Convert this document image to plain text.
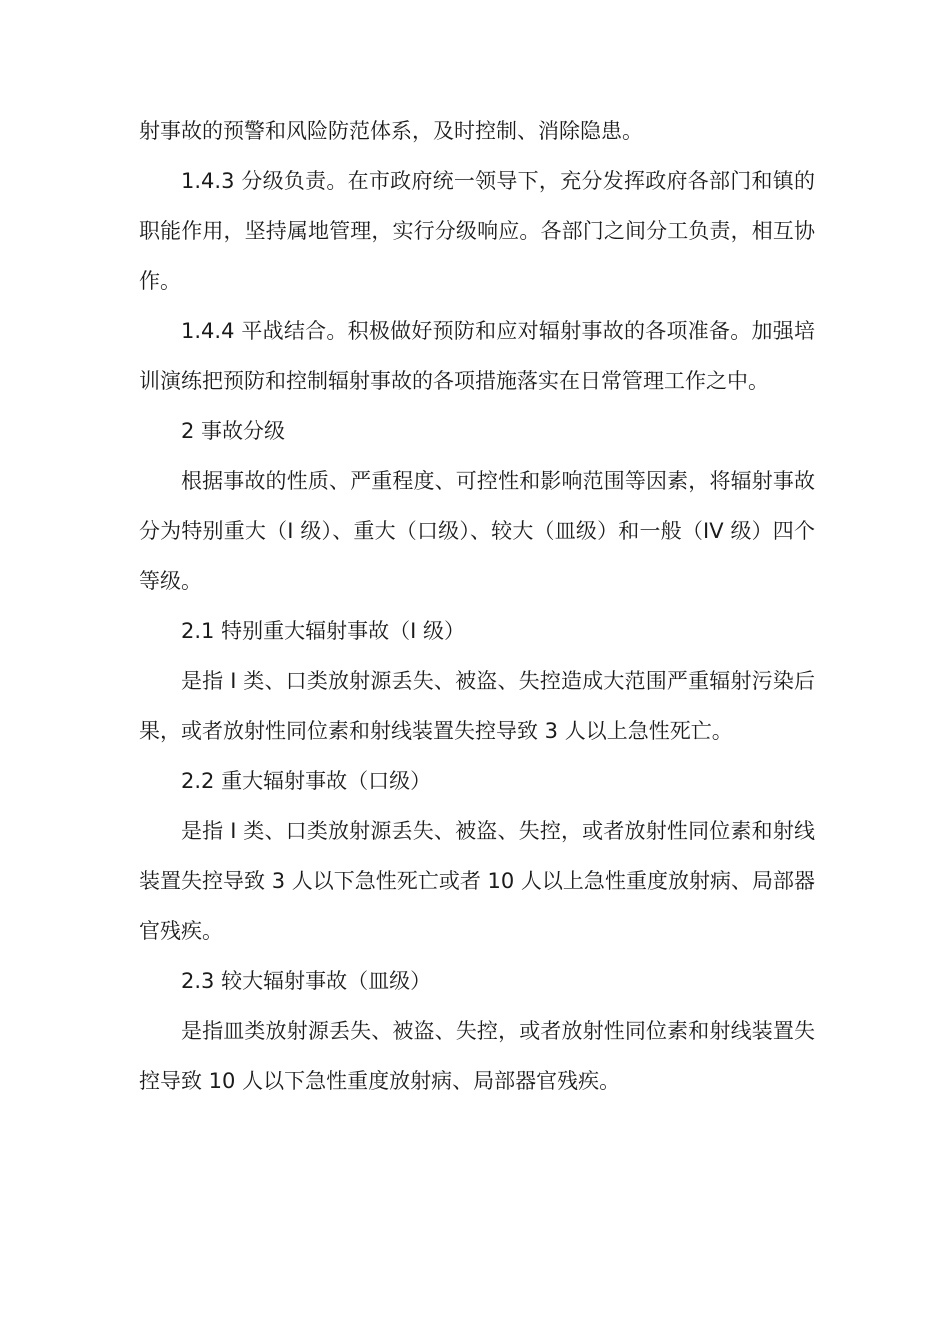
射事故的预警和风险防范体系，及时控制、消除隐患。

1.4.3 分级负责。在市政府统一领导下，充分发挥政府各部门和镇的职能作用，坚持属地管理，实行分级响应。各部门之间分工负责，相互协作。

1.4.4 平战结合。积极做好预防和应对辐射事故的各项准备。加强培训演练把预防和控制辐射事故的各项措施落实在日常管理工作之中。

2 事故分级

根据事故的性质、严重程度、可控性和影响范围等因素，将辐射事故分为特别重大（I 级）、重大（口级）、较大（皿级）和一般（IV 级）四个等级。

2.1 特别重大辐射事故（I 级）

是指 I 类、口类放射源丢失、被盗、失控造成大范围严重辐射污染后果，或者放射性同位素和射线装置失控导致 3 人以上急性死亡。

2.2 重大辐射事故（口级）

是指 I 类、口类放射源丢失、被盗、失控，或者放射性同位素和射线装置失控导致 3 人以下急性死亡或者 10 人以上急性重度放射病、局部器官残疾。

2.3 较大辐射事故（皿级）

是指皿类放射源丢失、被盗、失控，或者放射性同位素和射线装置失控导致 10 人以下急性重度放射病、局部器官残疾。
